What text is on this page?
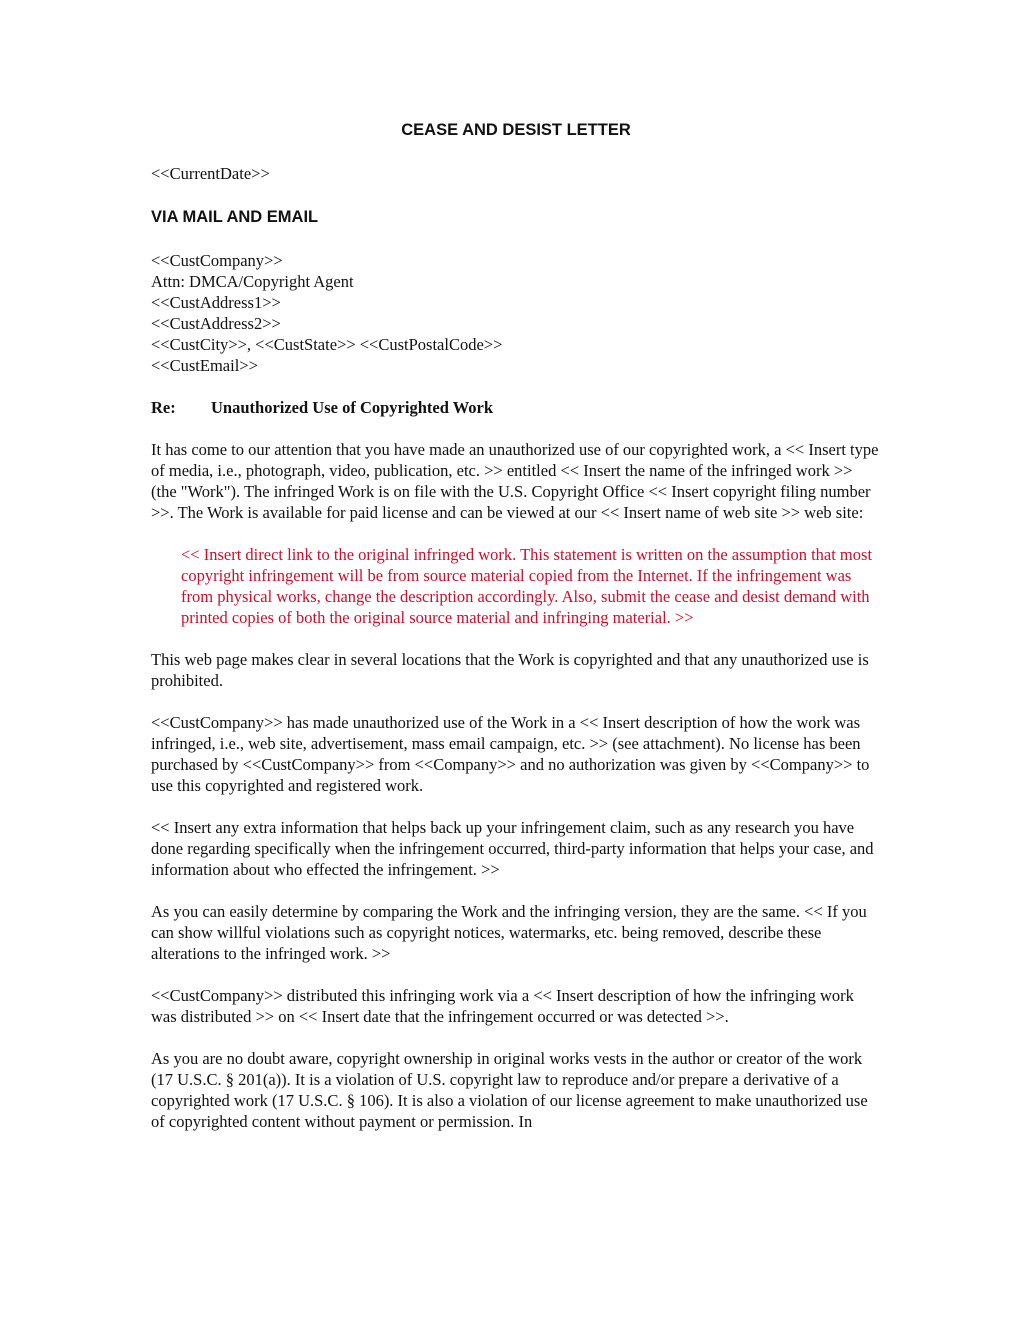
CEASE AND DESIST LETTER
<<CurrentDate>>
VIA MAIL AND EMAIL
<<CustCompany>>
Attn: DMCA/Copyright Agent
<<CustAddress1>>
<<CustAddress2>>
<<CustCity>>, <<CustState>> <<CustPostalCode>>
<<CustEmail>>
Re:	Unauthorized Use of Copyrighted Work
It has come to our attention that you have made an unauthorized use of our copyrighted work, a << Insert type of media, i.e., photograph, video, publication, etc. >> entitled << Insert the name of the infringed work >> (the "Work"). The infringed Work is on file with the U.S. Copyright Office << Insert copyright filing number >>. The Work is available for paid license and can be viewed at our << Insert name of web site >> web site:
<< Insert direct link to the original infringed work. This statement is written on the assumption that most copyright infringement will be from source material copied from the Internet. If the infringement was from physical works, change the description accordingly. Also, submit the cease and desist demand with printed copies of both the original source material and infringing material. >>
This web page makes clear in several locations that the Work is copyrighted and that any unauthorized use is prohibited.
<<CustCompany>> has made unauthorized use of the Work in a << Insert description of how the work was infringed, i.e., web site, advertisement, mass email campaign, etc. >> (see attachment). No license has been purchased by <<CustCompany>> from <<Company>> and no authorization was given by <<Company>> to use this copyrighted and registered work.
<< Insert any extra information that helps back up your infringement claim, such as any research you have done regarding specifically when the infringement occurred, third-party information that helps your case, and information about who effected the infringement. >>
As you can easily determine by comparing the Work and the infringing version, they are the same. << If you can show willful violations such as copyright notices, watermarks, etc. being removed, describe these alterations to the infringed work. >>
<<CustCompany>> distributed this infringing work via a << Insert description of how the infringing work was distributed >> on << Insert date that the infringement occurred or was detected >>.
As you are no doubt aware, copyright ownership in original works vests in the author or creator of the work (17 U.S.C. § 201(a)). It is a violation of U.S. copyright law to reproduce and/or prepare a derivative of a copyrighted work (17 U.S.C. § 106). It is also a violation of our license agreement to make unauthorized use of copyrighted content without payment or permission. In
